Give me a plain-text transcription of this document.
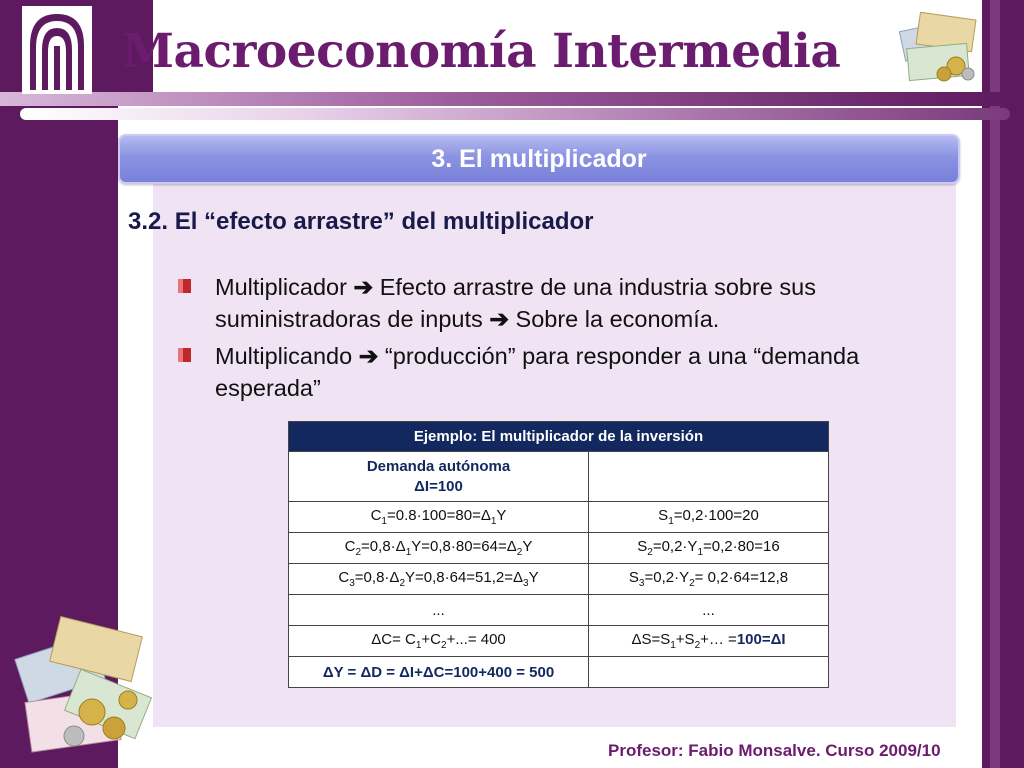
Macroeconomía Intermedia
3. El multiplicador
3.2. El “efecto arrastre” del multiplicador
Multiplicador ➔ Efecto arrastre de una industria sobre sus suministradoras de inputs ➔ Sobre la economía.
Multiplicando ➔ “producción” para responder a una “demanda esperada”
Ejemplo: El multiplicador de la inversión	
Demanda autónoma
ΔI=100	
$C_1=0.8\cdot 100=80=\Delta_1Y$	$S_1=0,2\cdot 100=20$
$C_2=0,8\cdot\Delta_1Y=0,8\cdot 80=64=\Delta_2Y$	$S_2=0,2\cdot Y_1=0,2\cdot 80=16$
$C_3=0,8\cdot\Delta_2Y=0,8\cdot 64=51,2=\Delta_3Y$	$S_3=0,2\cdot Y_2= 0,2\cdot 64=12,8$
...	...
$\Delta C= C_1+C_2+...= 400$	$\Delta S=S_1+S_2+\dots =100=\Delta I$
ΔY = ΔD = ΔI+ΔC=100+400 = 500	
Profesor: Fabio Monsalve. Curso 2009/10
